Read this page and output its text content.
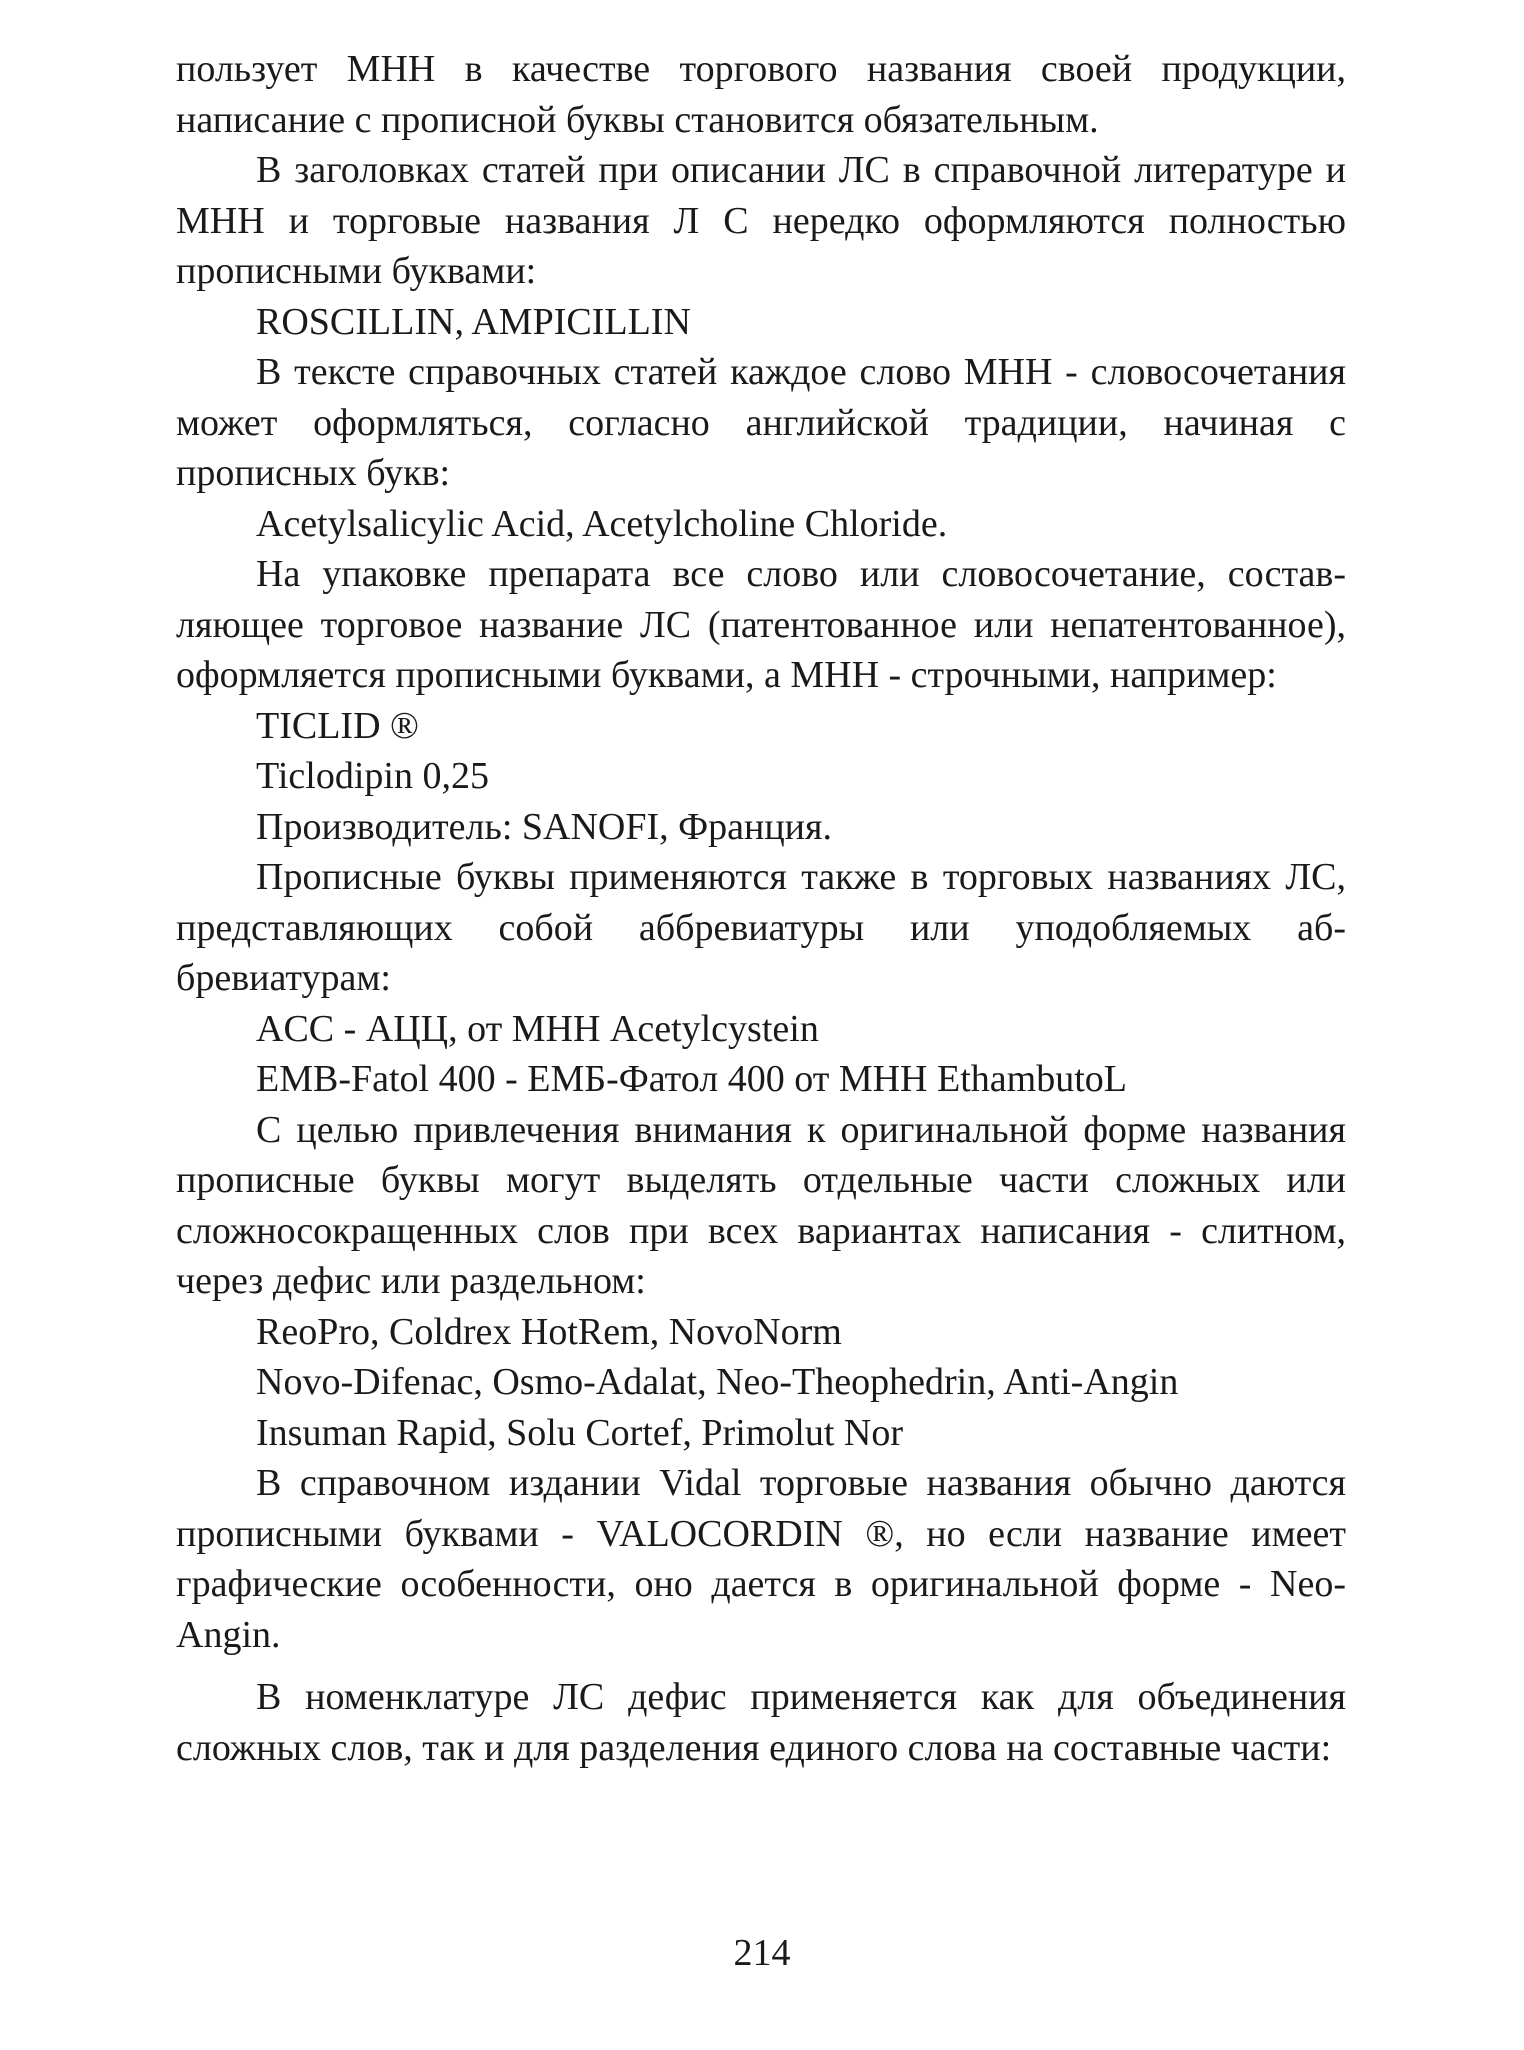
пользует МНН в качестве торгового названия своей продукции, написание с прописной буквы становится обязательным.

В заголовках статей при описании ЛС в справочной литературе и МНН и торговые названия Л С нередко оформляются полностью прописными буквами:

ROSCILLIN, AMPICILLIN

В тексте справочных статей каждое слово МНН - словосочетания может оформляться, согласно английской традиции, начиная с прописных букв:

Acetylsalicylic Acid, Acetylcholine Chloride.

На упаковке препарата все слово или словосочетание, составляющее торговое название ЛС (патентованное или непатентованное), оформляется прописными буквами, а МНН - строчными, например:

TICLID ®

Ticlodipin 0,25

Производитель: SANOFI, Франция.

Прописные буквы применяются также в торговых названиях ЛС, представляющих собой аббревиатуры или уподобляемых аббревиатурам:

ACC - АЦЦ, от МНН Acetylcystein

EMB-Fatol 400 - ЕМБ-Фатол 400 от МНН EthambutoL

С целью привлечения внимания к оригинальной форме названия прописные буквы могут выделять отдельные части сложных или сложносокращенных слов при всех вариантах написания - слитном, через дефис или раздельном:

ReoPro, Coldrex HotRem, NovoNorm

Novo-Difenac, Osmo-Adalat, Neo-Theophedrin, Anti-Angin

Insuman Rapid, Solu Cortef, Primolut Nor

В справочном издании Vidal торговые названия обычно даются прописными буквами - VALOCORDIN ®, но если название имеет графические особенности, оно дается в оригинальной форме - Neo-Angin.

В номенклатуре ЛС дефис применяется как для объединения сложных слов, так и для разделения единого слова на составные части:

214
